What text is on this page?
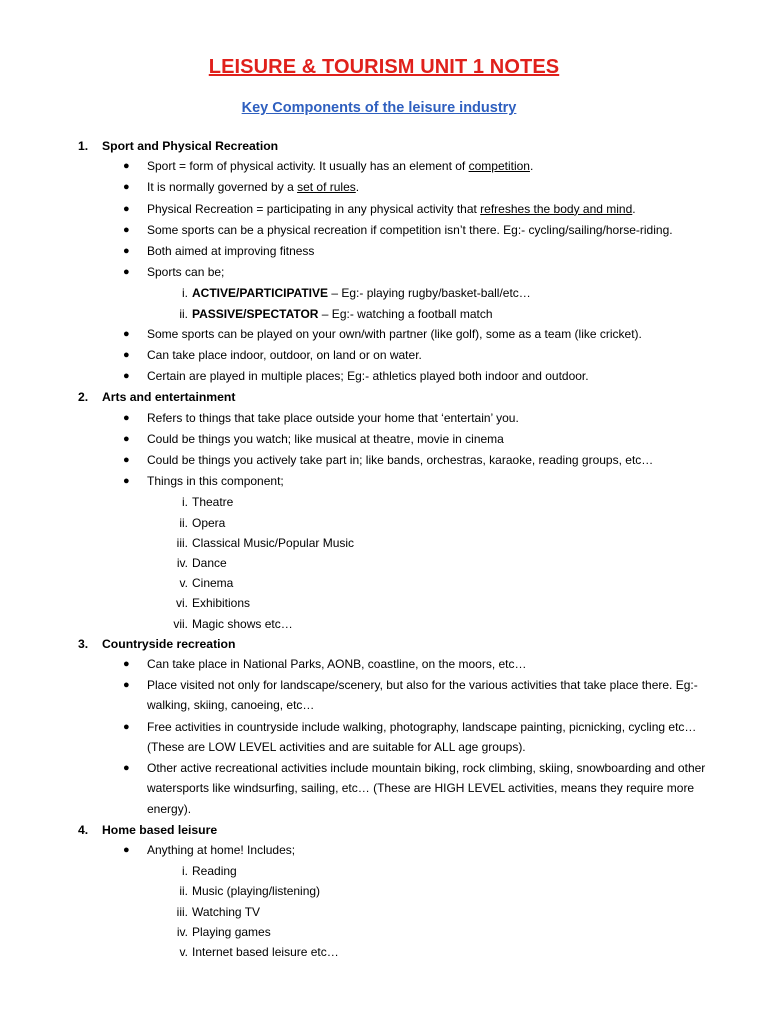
LEISURE & TOURISM UNIT 1 NOTES
Key Components of the leisure industry
1.	Sport and Physical Recreation
●	Sport = form of physical activity. It usually has an element of competition.
●	It is normally governed by a set of rules.
●	Physical Recreation = participating in any physical activity that refreshes the body and mind.
●	Some sports can be a physical recreation if competition isn’t there. Eg:- cycling/sailing/horse-riding.
●	Both aimed at improving fitness
●	Sports can be;
i. ACTIVE/PARTICIPATIVE – Eg:- playing rugby/basket-ball/etc…
ii. PASSIVE/SPECTATOR – Eg:- watching a football match
●	Some sports can be played on your own/with partner (like golf), some as a team (like cricket).
●	Can take place indoor, outdoor, on land or on water.
●	Certain are played in multiple places; Eg:- athletics played both indoor and outdoor.
2.	Arts and entertainment
●	Refers to things that take place outside your home that ‘entertain’ you.
●	Could be things you watch; like musical at theatre, movie in cinema
●	Could be things you actively take part in; like bands, orchestras, karaoke, reading groups, etc…
●	Things in this component;
i. Theatre
ii. Opera
iii. Classical Music/Popular Music
iv. Dance
v. Cinema
vi. Exhibitions
vii. Magic shows etc…
3.	Countryside recreation
●	Can take place in National Parks, AONB, coastline, on the moors, etc…
●	Place visited not only for landscape/scenery, but also for the various activities that take place there. Eg:- walking, skiing, canoeing, etc…
●	Free activities in countryside include walking, photography, landscape painting, picnicking, cycling etc… (These are LOW LEVEL activities and are suitable for ALL age groups).
●	Other active recreational activities include mountain biking, rock climbing, skiing, snowboarding and other watersports like windsurfing, sailing, etc… (These are HIGH LEVEL activities, means they require more energy).
4.	Home based leisure
●	Anything at home! Includes;
i. Reading
ii. Music (playing/listening)
iii. Watching TV
iv. Playing games
v. Internet based leisure etc…
